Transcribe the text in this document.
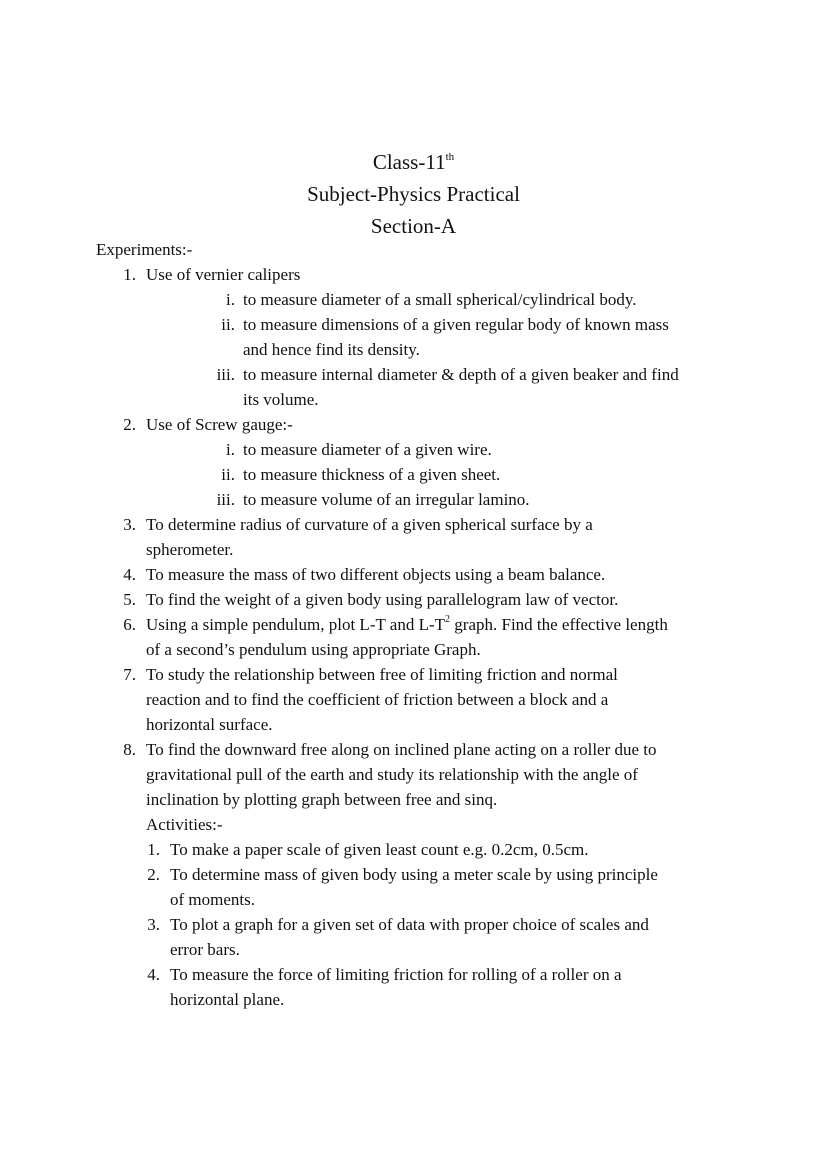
Class-11th
Subject-Physics Practical
Section-A
Experiments:-
1. Use of vernier calipers
i. to measure diameter of a small spherical/cylindrical body.
ii. to measure dimensions of a given regular body of known mass
and hence find its density.
iii. to measure internal diameter & depth of a given beaker and find
its volume.
2. Use of Screw gauge:-
i. to measure diameter of a given wire.
ii. to measure thickness of a given sheet.
iii. to measure volume of an irregular lamino.
3. To determine radius of curvature of a given spherical surface by a
spherometer.
4. To measure the mass of two different objects using a beam balance.
5. To find the weight of a given body using parallelogram law of vector.
6. Using a simple pendulum, plot L-T and $L-T^2$ graph. Find the effective length
of a second’s pendulum using appropriate Graph.
7. To study the relationship between free of limiting friction and normal
reaction and to find the coefficient of friction between a block and a
horizontal surface.
8. To find the downward free along on inclined plane acting on a roller due to
gravitational pull of the earth and study its relationship with the angle of
inclination by plotting graph between free and sinq.
Activities:-
1. To make a paper scale of given least count e.g. 0.2cm, 0.5cm.
2. To determine mass of given body using a meter scale by using principle
of moments.
3. To plot a graph for a given set of data with proper choice of scales and
error bars.
4. To measure the force of limiting friction for rolling of a roller on a
horizontal plane.
